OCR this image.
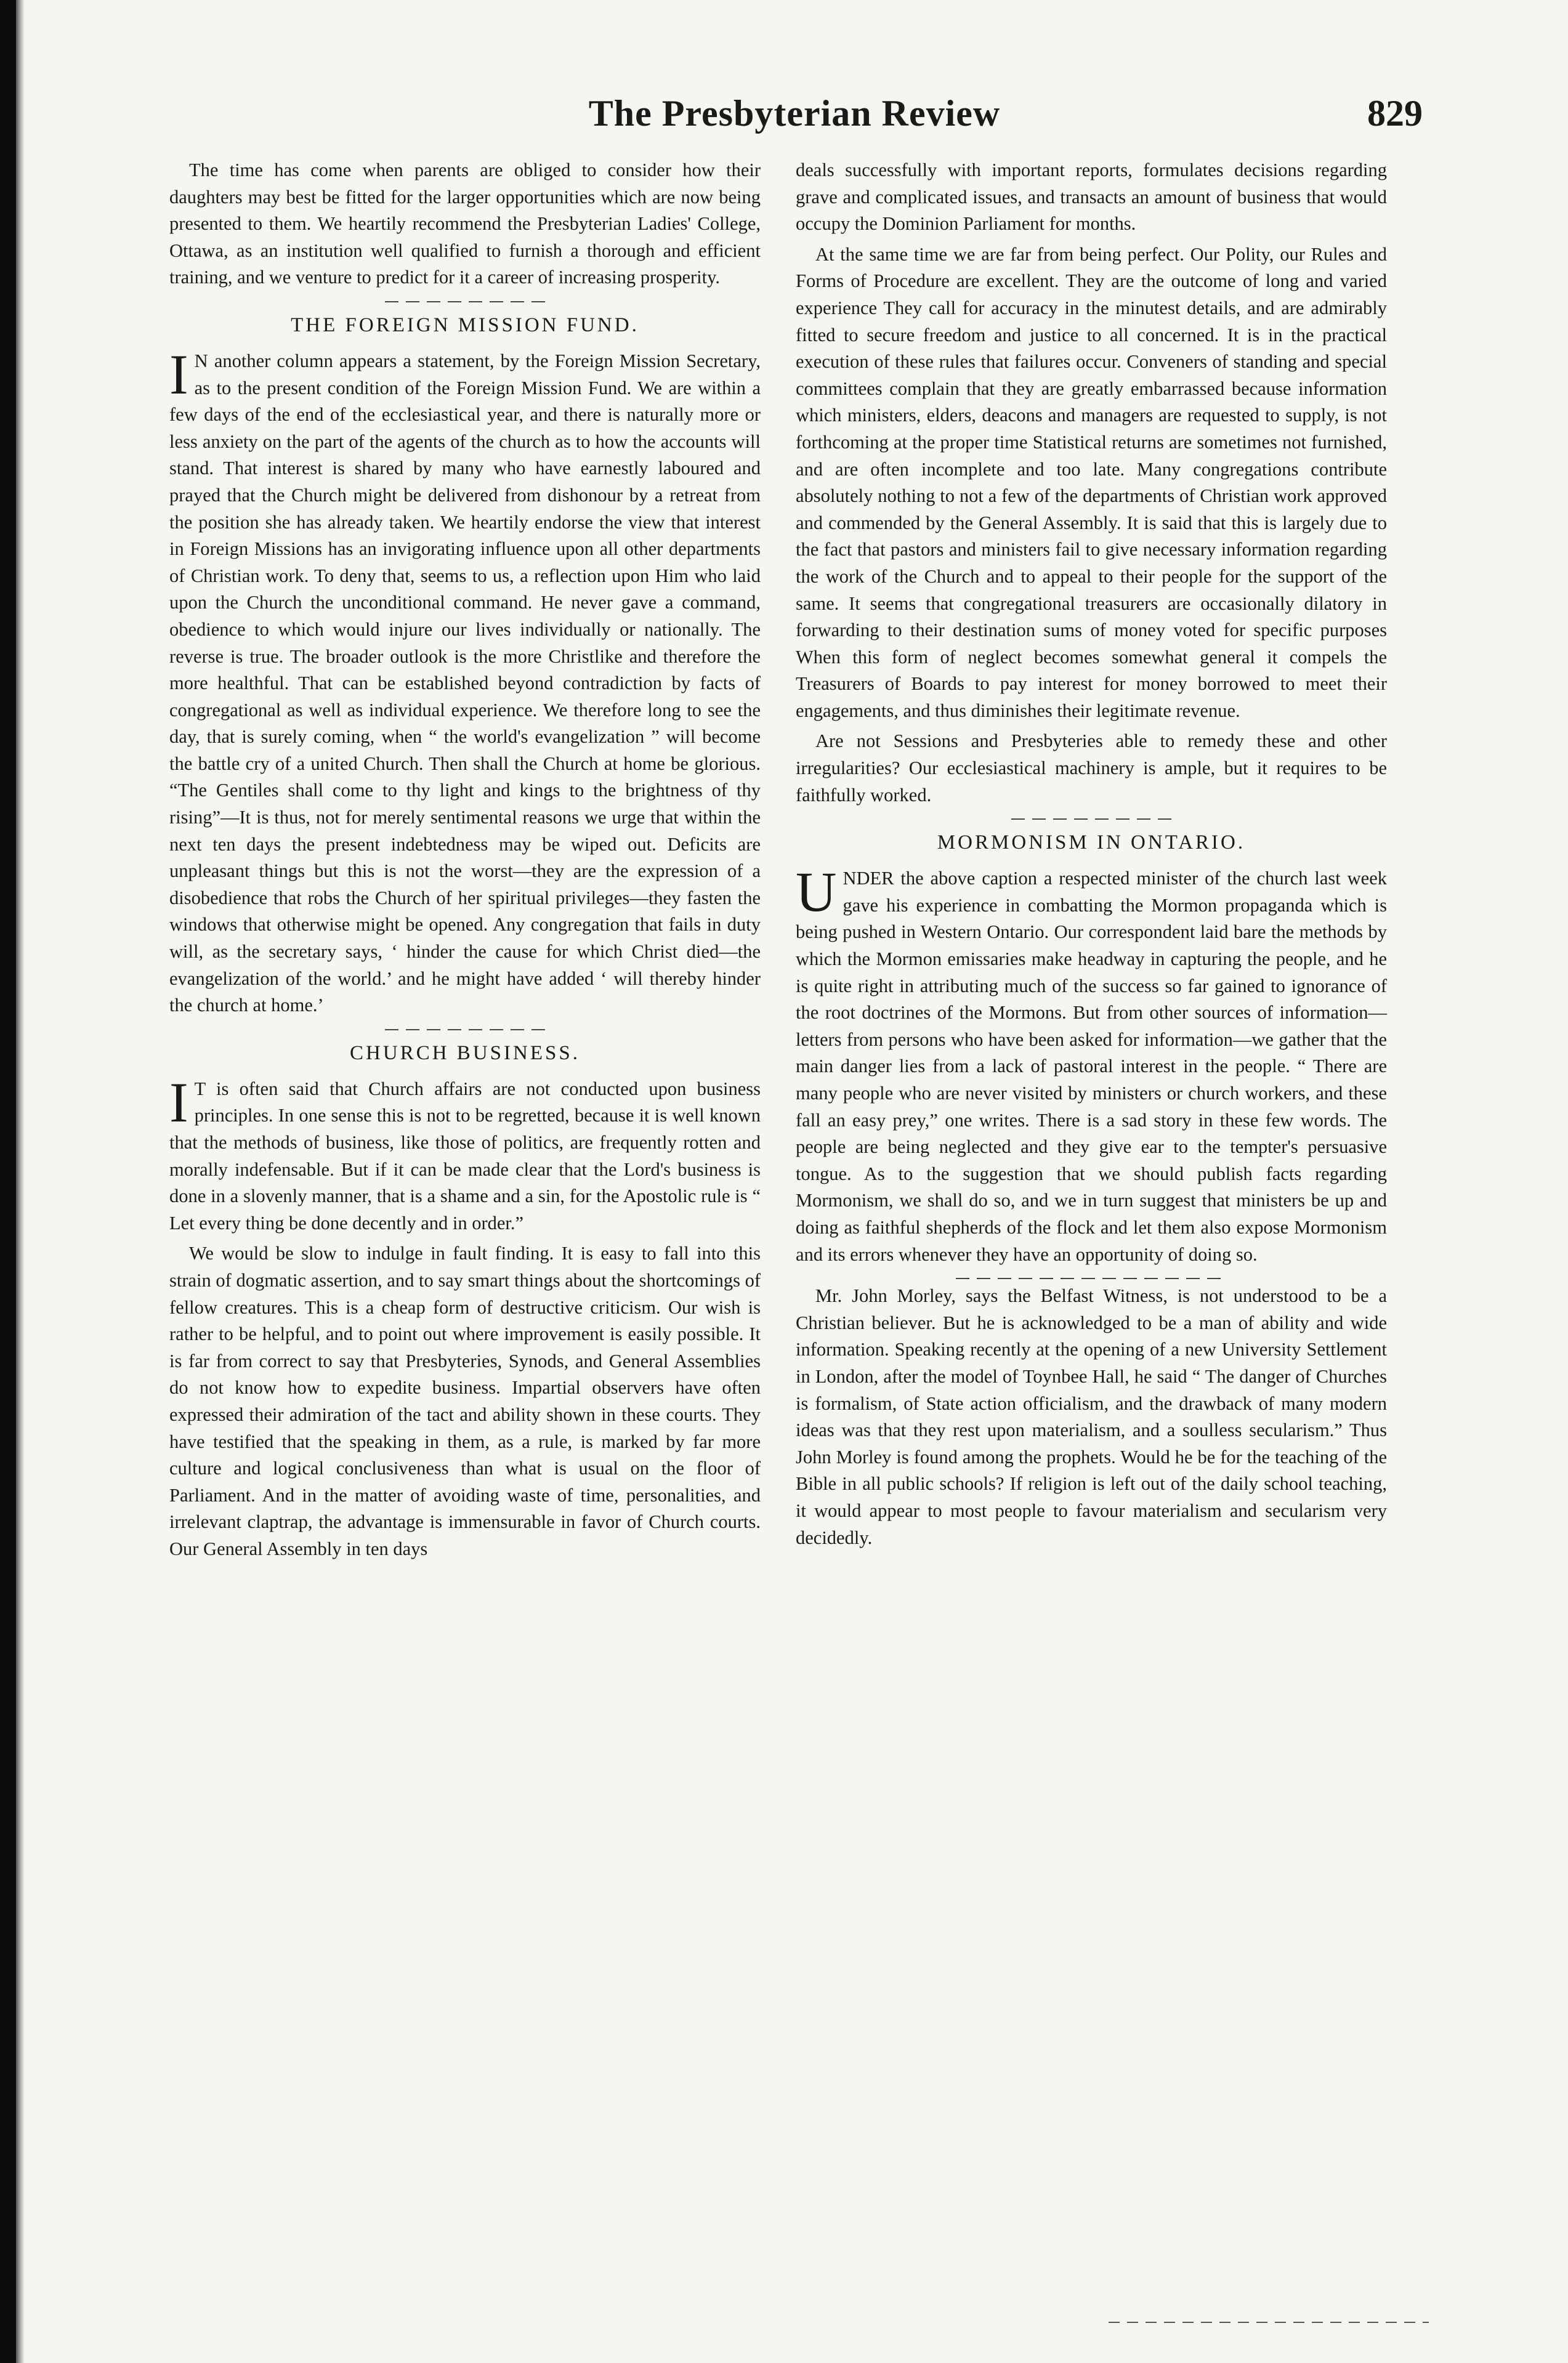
The Presbyterian Review	829

The time has come when parents are obliged to consider how their daughters may best be fitted for the larger opportunities which are now being presented to them. We heartily recommend the Presbyterian Ladies' College, Ottawa, as an institution well qualified to furnish a thorough and efficient training, and we venture to predict for it a career of increasing prosperity.

THE FOREIGN MISSION FUND.

I N another column appears a statement, by the Foreign Mission Secretary, as to the present condition of the Foreign Mission Fund. We are within a few days of the end of the ecclesiastical year, and there is naturally more or less anxiety on the part of the agents of the church as to how the accounts will stand. That interest is shared by many who have earnestly laboured and prayed that the Church might be delivered from dishonour by a retreat from the position she has already taken. We heartily endorse the view that interest in Foreign Missions has an invigorating influence upon all other departments of Christian work. To deny that, seems to us, a reflection upon Him who laid upon the Church the unconditional command. He never gave a command, obedience to which would injure our lives individually or nationally. The reverse is true. The broader outlook is the more Christlike and therefore the more healthful. That can be established beyond contradiction by facts of congregational as well as individual experience. We therefore long to see the day, that is surely coming, when “ the world's evangelization ” will become the battle cry of a united Church. Then shall the Church at home be glorious. “The Gentiles shall come to thy light and kings to the brightness of thy rising”—It is thus, not for merely sentimental reasons we urge that within the next ten days the present indebtedness may be wiped out. Deficits are unpleasant things but this is not the worst—they are the expression of a disobedience that robs the Church of her spiritual privileges—they fasten the windows that otherwise might be opened. Any congregation that fails in duty will, as the secretary says, ‘ hinder the cause for which Christ died—the evangelization of the world.’ and he might have added ‘ will thereby hinder the church at home.’

CHURCH BUSINESS.

I T is often said that Church affairs are not conducted upon business principles. In one sense this is not to be regretted, because it is well known that the methods of business, like those of politics, are frequently rotten and morally indefensable. But if it can be made clear that the Lord's business is done in a slovenly manner, that is a shame and a sin, for the Apostolic rule is “ Let every thing be done decently and in order.”

We would be slow to indulge in fault finding. It is easy to fall into this strain of dogmatic assertion, and to say smart things about the shortcomings of fellow creatures. This is a cheap form of destructive criticism. Our wish is rather to be helpful, and to point out where improvement is easily possible. It is far from correct to say that Presbyteries, Synods, and General Assemblies do not know how to expedite business. Impartial observers have often expressed their admiration of the tact and ability shown in these courts. They have testified that the speaking in them, as a rule, is marked by far more culture and logical conclusiveness than what is usual on the floor of Parliament. And in the matter of avoiding waste of time, personalities, and irrelevant claptrap, the advantage is immensurable in favor of Church courts. Our General Assembly in ten days

deals successfully with important reports, formulates decisions regarding grave and complicated issues, and transacts an amount of business that would occupy the Dominion Parliament for months.

At the same time we are far from being perfect. Our Polity, our Rules and Forms of Procedure are excellent. They are the outcome of long and varied experience They call for accuracy in the minutest details, and are admirably fitted to secure freedom and justice to all concerned. It is in the practical execution of these rules that failures occur. Conveners of standing and special committees complain that they are greatly embarrassed because information which ministers, elders, deacons and managers are requested to supply, is not forthcoming at the proper time Statistical returns are sometimes not furnished, and are often incomplete and too late. Many congregations contribute absolutely nothing to not a few of the departments of Christian work approved and commended by the General Assembly. It is said that this is largely due to the fact that pastors and ministers fail to give necessary information regarding the work of the Church and to appeal to their people for the support of the same. It seems that congregational treasurers are occasionally dilatory in forwarding to their destination sums of money voted for specific purposes When this form of neglect becomes somewhat general it compels the Treasurers of Boards to pay interest for money borrowed to meet their engagements, and thus diminishes their legitimate revenue.

Are not Sessions and Presbyteries able to remedy these and other irregularities? Our ecclesiastical machinery is ample, but it requires to be faithfully worked.

MORMONISM IN ONTARIO.

UNDER the above caption a respected minister of the church last week gave his experience in combatting the Mormon propaganda which is being pushed in Western Ontario. Our correspondent laid bare the methods by which the Mormon emissaries make headway in capturing the people, and he is quite right in attributing much of the success so far gained to ignorance of the root doctrines of the Mormons. But from other sources of information—letters from persons who have been asked for information—we gather that the main danger lies from a lack of pastoral interest in the people. “ There are many people who are never visited by ministers or church workers, and these fall an easy prey,” one writes. There is a sad story in these few words. The people are being neglected and they give ear to the tempter's persuasive tongue. As to the suggestion that we should publish facts regarding Mormonism, we shall do so, and we in turn suggest that ministers be up and doing as faithful shepherds of the flock and let them also expose Mormonism and its errors whenever they have an opportunity of doing so.

Mr. John Morley, says the Belfast Witness, is not understood to be a Christian believer. But he is acknowledged to be a man of ability and wide information. Speaking recently at the opening of a new University Settlement in London, after the model of Toynbee Hall, he said “ The danger of Churches is formalism, of State action officialism, and the drawback of many modern ideas was that they rest upon materialism, and a soulless secularism.” Thus John Morley is found among the prophets. Would he be for the teaching of the Bible in all public schools? If religion is left out of the daily school teaching, it would appear to most people to favour materialism and secularism very decidedly.
